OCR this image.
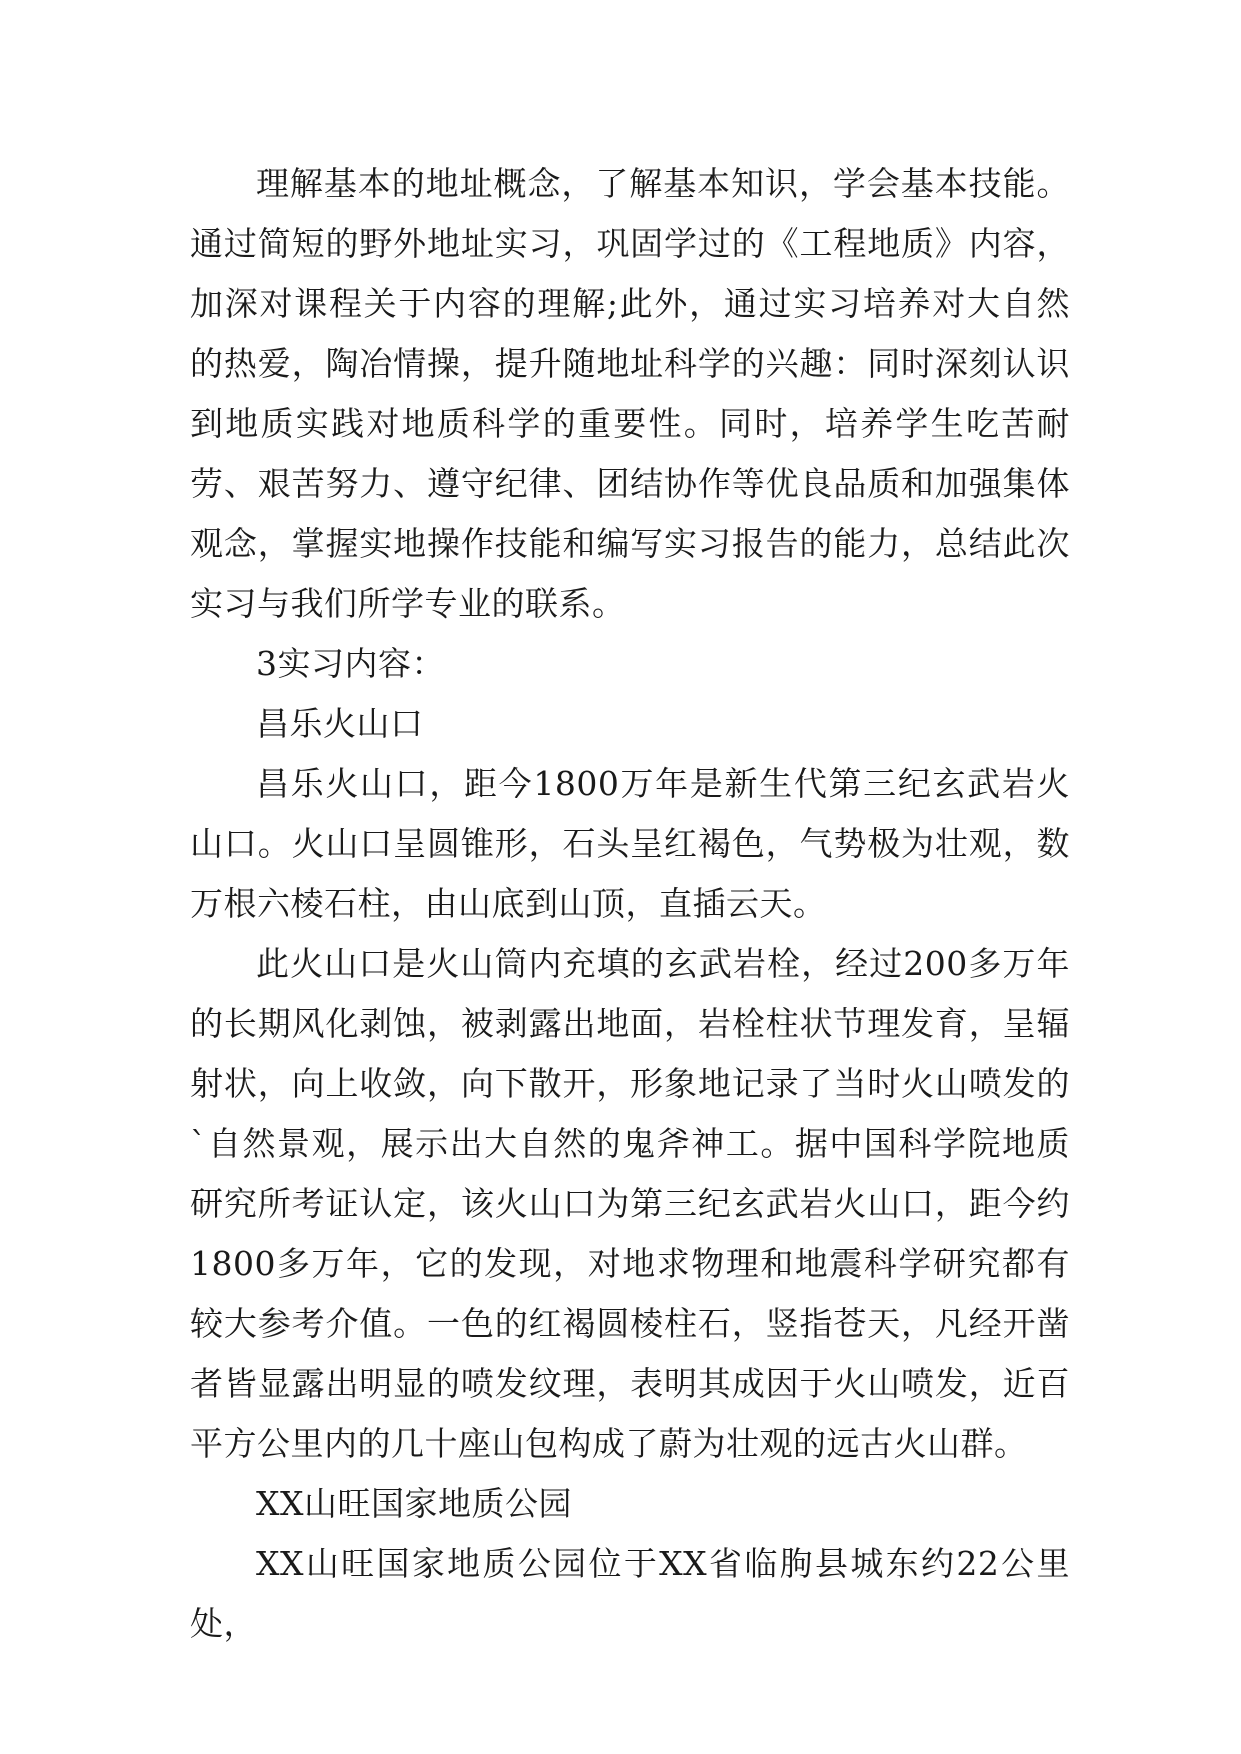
理解基本的地址概念，了解基本知识，学会基本技能。通过简短的野外地址实习，巩固学过的《工程地质》内容，加深对课程关于内容的理解;此外，通过实习培养对大自然的热爱，陶冶情操，提升随地址科学的兴趣：同时深刻认识到地质实践对地质科学的重要性。同时，培养学生吃苦耐劳、艰苦努力、遵守纪律、团结协作等优良品质和加强集体观念，掌握实地操作技能和编写实习报告的能力，总结此次实习与我们所学专业的联系。

3实习内容：

昌乐火山口

昌乐火山口，距今1800万年是新生代第三纪玄武岩火山口。火山口呈圆锥形，石头呈红褐色，气势极为壮观，数万根六棱石柱，由山底到山顶，直插云天。

此火山口是火山筒内充填的玄武岩栓，经过200多万年的长期风化剥蚀，被剥露出地面，岩栓柱状节理发育，呈辐射状，向上收敛，向下散开，形象地记录了当时火山喷发的`自然景观，展示出大自然的鬼斧神工。据中国科学院地质研究所考证认定，该火山口为第三纪玄武岩火山口，距今约1800多万年，它的发现，对地求物理和地震科学研究都有较大参考介值。一色的红褐圆棱柱石，竖指苍天，凡经开凿者皆显露出明显的喷发纹理，表明其成因于火山喷发，近百平方公里内的几十座山包构成了蔚为壮观的远古火山群。

XX山旺国家地质公园

XX山旺国家地质公园位于XX省临朐县城东约22公里处，
